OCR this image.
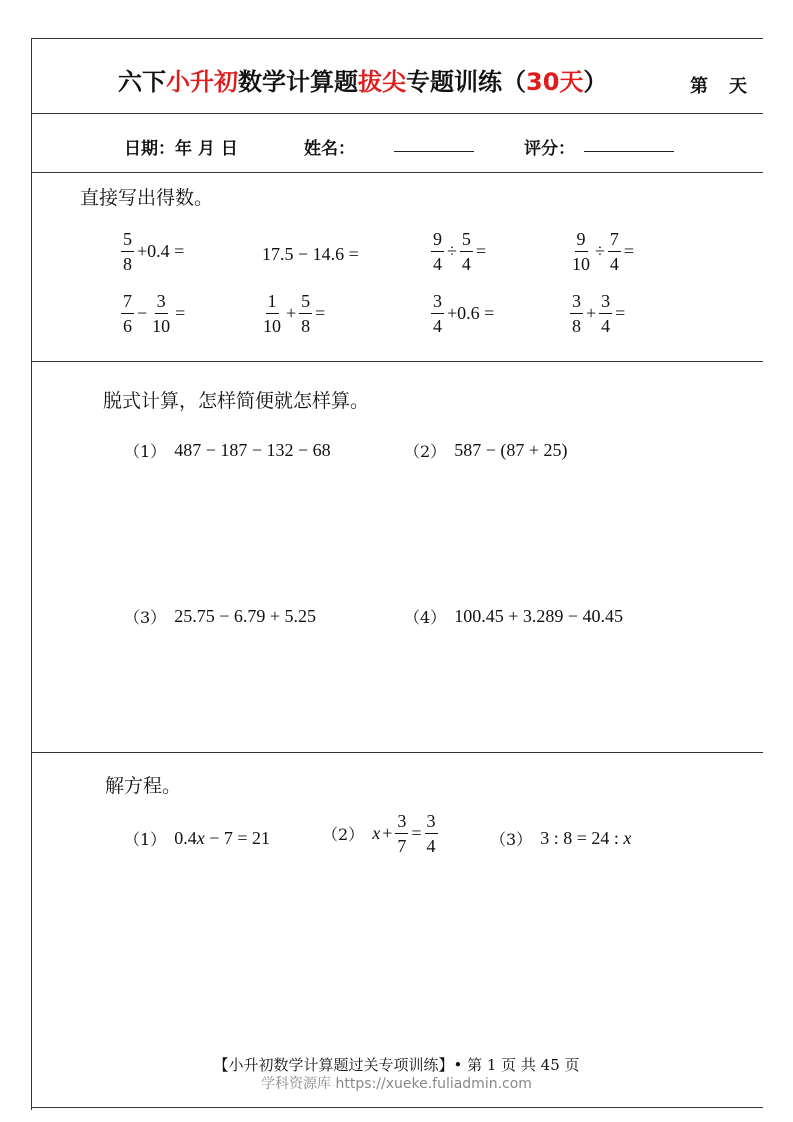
六下小升初数学计算题拔尖专题训练（30天）	第 天
日期：年 月 日	姓名：	评分：
直接写出得数。
$\frac{5}{8} +0.4$ =	17.5 − 14.6 =	$\frac{9}{4} \div \frac{5}{4}$ =	$\frac{9}{10} \div \frac{7}{4}$ =
$\frac{7}{6} - \frac{3}{10}$ =	$\frac{1}{10} + \frac{5}{8}$ =	$\frac{3}{4} +0.6$ =	$\frac{3}{8} + \frac{3}{4}$ =
脱式计算，怎样简便就怎样算。
（1） 487 − 187 − 132 − 68	（2） 587 − (87 + 25)
（3） 25.75 − 6.79 + 5.25	（4） 100.45 + 3.289 − 40.45
解方程。
（1） 0.4 x − 7 = 21	（2） $x + \frac{3}{7} = \frac{3}{4}$	（3） 3 : 8 = 24 : x
【小升初数学计算题过关专项训练】• 第 1 页 共 45 页
学科资源库 https://xueke.fuliadmin.com
